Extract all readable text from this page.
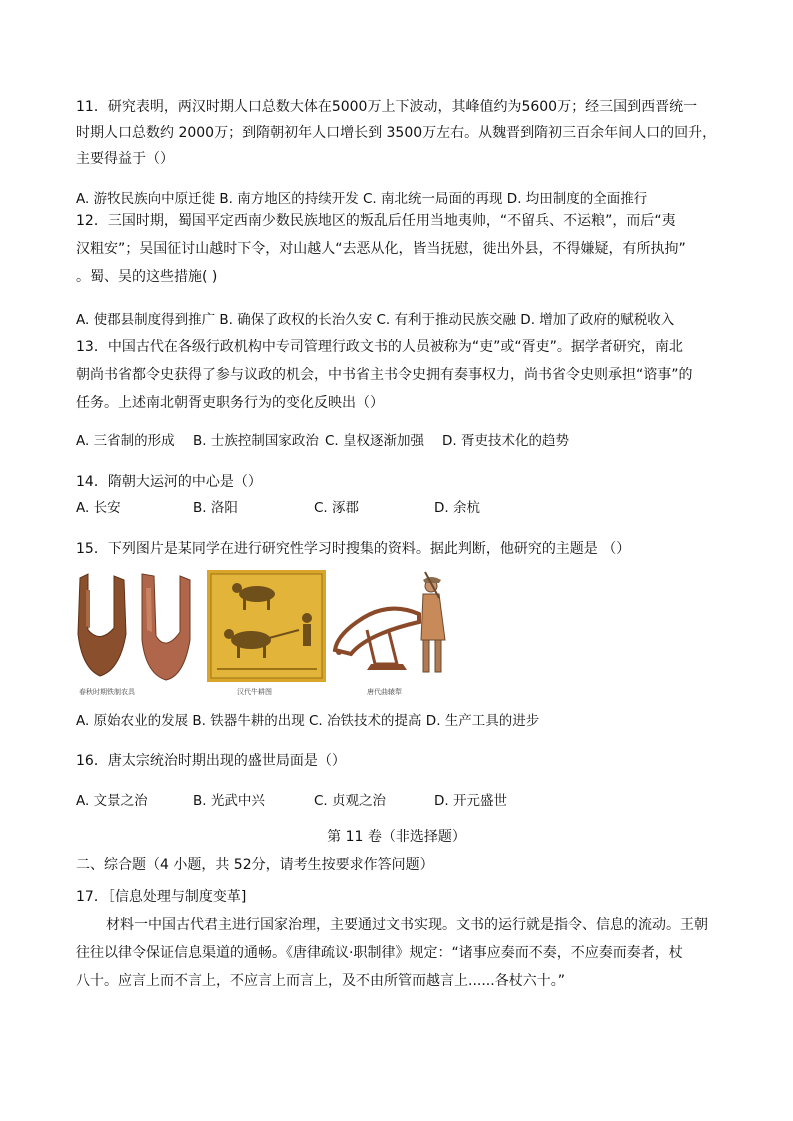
11．研究表明，两汉时期人口总数大体在5000万上下波动，其峰值约为5600万；经三国到西晋统一
时期人口总数约 2000万；到隋朝初年人口增长到 3500万左右。从魏晋到隋初三百余年间人口的回升，
主要得益于（）
A. 游牧民族向中原迁徙 B. 南方地区的持续开发 C. 南北统一局面的再现 D. 均田制度的全面推行
12．三国时期，蜀国平定西南少数民族地区的叛乱后任用当地夷帅，“不留兵、不运粮”，而后“夷
汉粗安”；吴国征讨山越时下令，对山越人“去恶从化，皆当抚慰，徙出外县，不得嫌疑，有所执拘”
。蜀、吴的这些措施( )
A. 使郡县制度得到推广 B. 确保了政权的长治久安 C. 有利于推动民族交融 D. 增加了政府的赋税收入
13．中国古代在各级行政机构中专司管理行政文书的人员被称为“吏”或“胥吏”。据学者研究，南北
朝尚书省都令史获得了参与议政的机会，中书省主书令史拥有奏事权力，尚书省令史则承担“谘事”的
任务。上述南北朝胥吏职务行为的变化反映出（）
A. 三省制的形成 B. 士族控制国家政治 C. 皇权逐渐加强 D. 胥吏技术化的趋势
14．隋朝大运河的中心是（）
A. 长安	B. 洛阳	C. 涿郡	D. 余杭
15．下列图片是某同学在进行研究性学习时搜集的资料。据此判断，他研究的主题是 （）
春秋时期铁制农具	汉代牛耕图	唐代曲辕犁
A. 原始农业的发展 B. 铁器牛耕的出现 C. 冶铁技术的提高 D. 生产工具的进步
16．唐太宗统治时期出现的盛世局面是（）
A. 文景之治	B. 光武中兴	C. 贞观之治	D. 开元盛世
第 11 卷（非选择题）
二、综合题（4 小题，共 52分，请考生按要求作答问题）
17．［信息处理与制度变革]
材料一中国古代君主进行国家治理，主要通过文书实现。文书的运行就是指令、信息的流动。王朝
往往以律令保证信息渠道的通畅。《唐律疏议·职制律》规定：“诸事应奏而不奏，不应奏而奏者，杖
八十。应言上而不言上，不应言上而言上，及不由所管而越言上......各杖六十。”
